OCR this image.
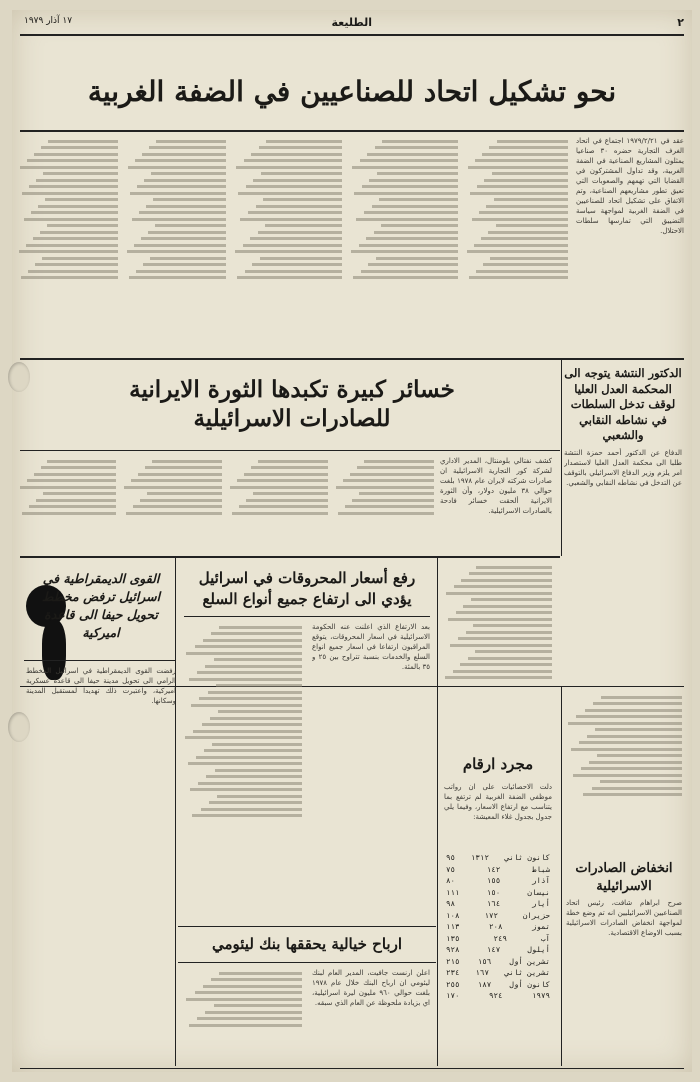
٢
الطليعة
١٧ آذار ١٩٧٩
نحو تشكيل اتحاد للصناعيين في الضفة الغربية
عقد في ١٩٧٩/٢/٢١ اجتماع في اتحاد الغرف التجارية حضره ٣٠ صناعيا يمثلون المشاريع الصناعية في الضفة الغربية، وقد تداول المشتركون في القضايا التي تهمهم والصعوبات التي تعيق تطور مشاريعهم الصناعية، وتم الاتفاق على تشكيل اتحاد للصناعيين في الضفة الغربية لمواجهة سياسة التضييق التي تمارسها سلطات الاحتلال.
الدكتور النتشة يتوجه الى المحكمة العدل العليا لوقف تدخل السلطات في نشاطه النقابي والشعبي
الدفاع عن الدكتور أحمد حمزة النتشة طلبا الى محكمة العدل العليا لاستصدار امر يلزم وزير الدفاع الاسرائيلي بالتوقف عن التدخل في نشاطه النقابي والشعبي.
خسائر كبيرة تكبدها الثورة الايرانية
للصادرات الاسرائيلية
كشف نفتالي بلومنتال، المدير الاداري لشركة كور التجارية الاسرائيلية ان صادرات شركته لايران عام ١٩٧٨ بلغت حوالي ٣٨ مليون دولار، وأن الثورة الايرانية ألحقت خسائر فادحة بالصادرات الاسرائيلية.
رفع أسعار المحروقات في اسرائيل
يؤدي الى ارتفاع جميع أنواع السلع
بعد الارتفاع الذي اعلنت عنه الحكومة الاسرائيلية في اسعار المحروقات، يتوقع المراقبون ارتفاعا في اسعار جميع انواع السلع والخدمات بنسبة تتراوح بين ٢٥ و ٣٥ بالمئة.
القوى الديمقراطية في اسرائيل ترفض مخطط
تحويل حيفا الى قاعدة اميركية
رفضت القوى الديمقراطية في اسرائيل المخطط الرامي الى تحويل مدينة حيفا الى قاعدة عسكرية اميركية، واعتبرت ذلك تهديدا لمستقبل المدينة وسكانها.
مجرد ارقام
دلت الاحصائيات على ان رواتب موظفي الضفة الغربية لم ترتفع بما يتناسب مع ارتفاع الاسعار، وفيما يلي جدول بجدول غلاء المعيشة:
كانون ثاني
١٣١٢
٩٥
شباط
١٤٢
٧٥
آذار
١٥٥
٨٠
نيسان
١٥٠
١١١
أيار
١٦٤
٩٨
حزيران
١٧٢
١٠٨
تموز
٢٠٨
١١٣
آب
٢٤٩
١٣٥
أيلول
١٤٧
٩٢٨
تشرين أول
١٥٦
٢١٥
تشرين ثاني
١٦٧
٢٣٤
كانون أول
١٨٧
٢٥٥
١٩٧٩
٩٢٤
١٧٠
انخفاض الصادرات
الاسرائيلية
صرح ابراهام شافت، رئيس اتحاد الصناعيين الاسرائيليين انه تم وضع خطة لمواجهة انخفاض الصادرات الاسرائيلية بسبب الاوضاع الاقتصادية.
ارباح خيالية يحققها بنك ليئومي
اعلن ارنست جافيت، المدير العام لبنك ليئومي ان ارباح البنك خلال عام ١٩٧٨ بلغت حوالي ٩٦٠ مليون ليرة اسرائيلية، اي بزيادة ملحوظة عن العام الذي سبقه.
